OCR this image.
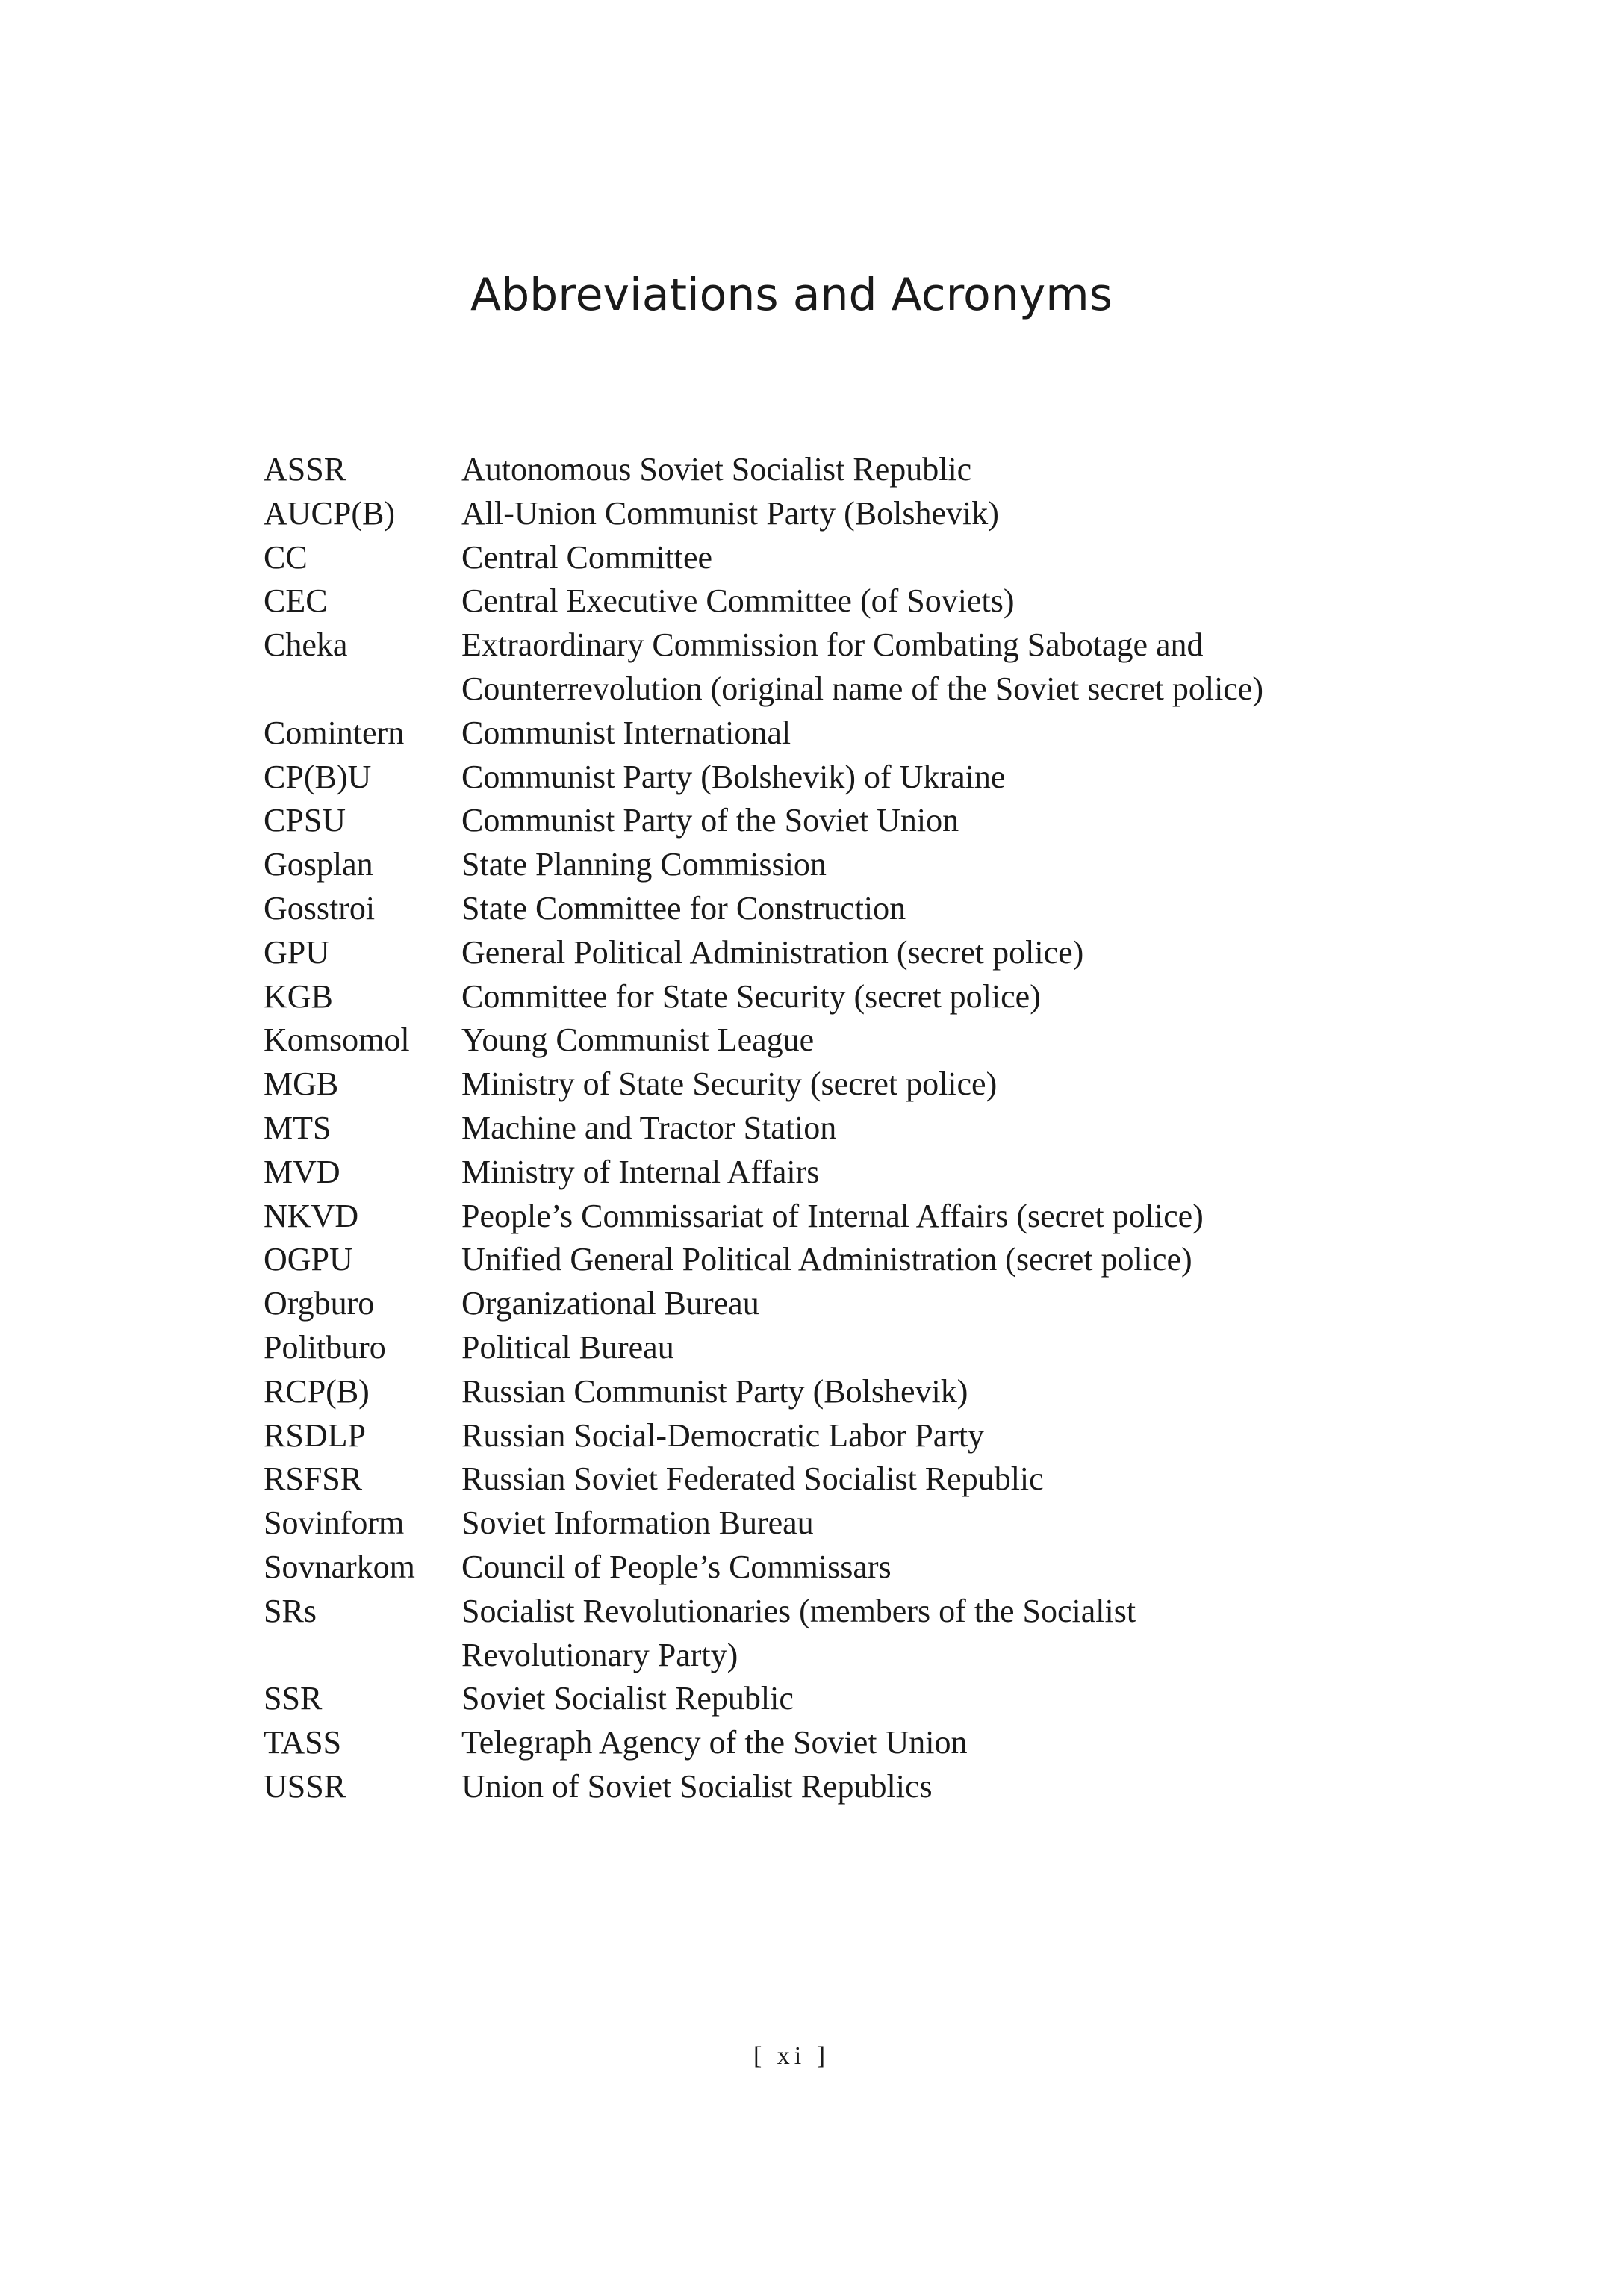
Abbreviations and Acronyms
ASSR	Autonomous Soviet Socialist Republic
AUCP(B)	All-Union Communist Party (Bolshevik)
CC	Central Committee
CEC	Central Executive Committee (of Soviets)
Cheka	Extraordinary Commission for Combating Sabotage and
Counterrevolution (original name of the Soviet secret police)
Comintern	Communist International
CP(B)U	Communist Party (Bolshevik) of Ukraine
CPSU	Communist Party of the Soviet Union
Gosplan	State Planning Commission
Gosstroi	State Committee for Construction
GPU	General Political Administration (secret police)
KGB	Committee for State Security (secret police)
Komsomol	Young Communist League
MGB	Ministry of State Security (secret police)
MTS	Machine and Tractor Station
MVD	Ministry of Internal Affairs
NKVD	People’s Commissariat of Internal Affairs (secret police)
OGPU	Unified General Political Administration (secret police)
Orgburo	Organizational Bureau
Politburo	Political Bureau
RCP(B)	Russian Communist Party (Bolshevik)
RSDLP	Russian Social-Democratic Labor Party
RSFSR	Russian Soviet Federated Socialist Republic
Sovinform	Soviet Information Bureau
Sovnarkom	Council of People’s Commissars
SRs	Socialist Revolutionaries (members of the Socialist
Revolutionary Party)
SSR	Soviet Socialist Republic
TASS	Telegraph Agency of the Soviet Union
USSR	Union of Soviet Socialist Republics
[ xi ]
